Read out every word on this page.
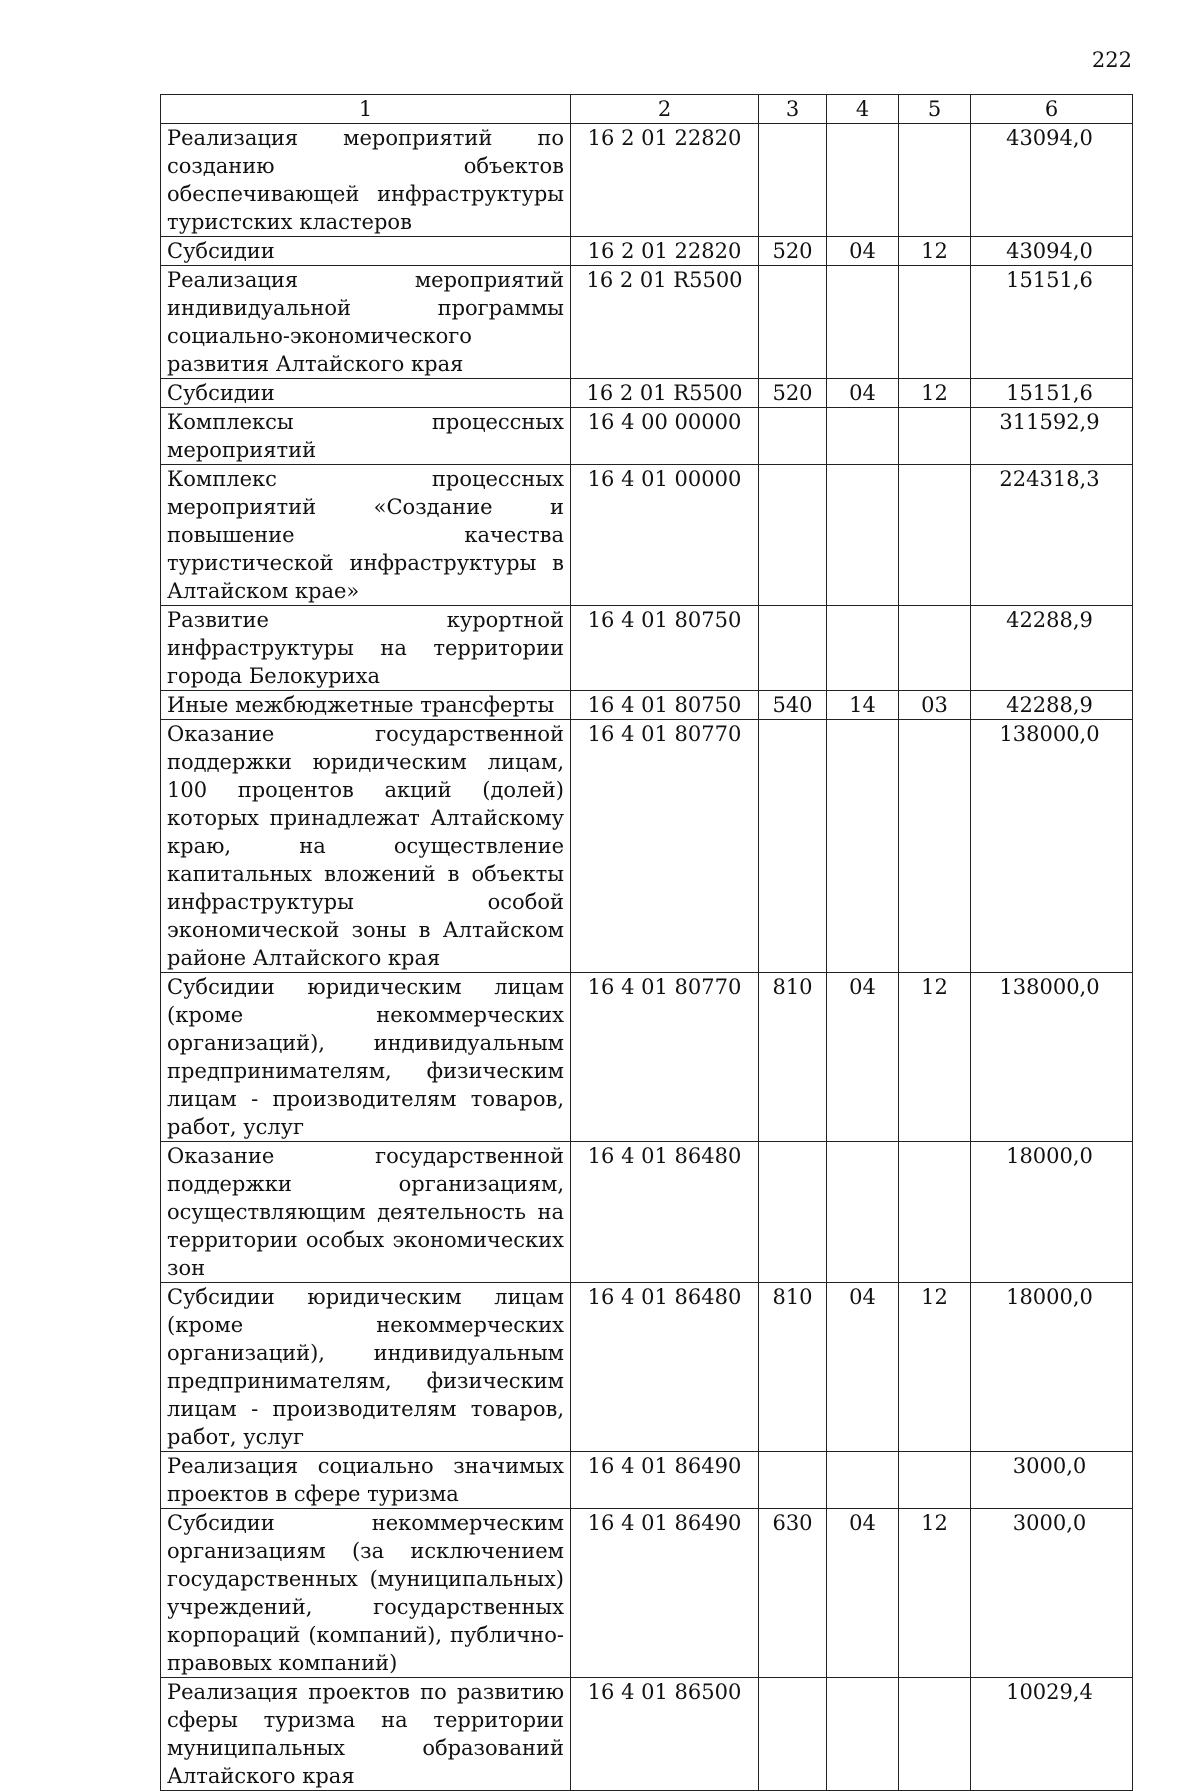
222
1	2	3	4	5	6
Реализация мероприятий по созданию объектов обеспечивающей инфраструктуры туристских кластеров	16 2 01 22820				43094,0
Субсидии	16 2 01 22820	520	04	12	43094,0
Реализация мероприятий индивидуальной программы социально-экономического развития Алтайского края	16 2 01 R5500				15151,6
Субсидии	16 2 01 R5500	520	04	12	15151,6
Комплексы процессных мероприятий	16 4 00 00000				311592,9
Комплекс процессных мероприятий «Создание и повышение качества туристической инфраструктуры в Алтайском крае»	16 4 01 00000				224318,3
Развитие курортной инфраструктуры на территории города Белокуриха	16 4 01 80750				42288,9
Иные межбюджетные трансферты	16 4 01 80750	540	14	03	42288,9
Оказание государственной поддержки юридическим лицам, 100 процентов акций (долей) которых принадлежат Алтайскому краю, на осуществление капитальных вложений в объекты инфраструктуры особой экономической зоны в Алтайском районе Алтайского края	16 4 01 80770				138000,0
Субсидии юридическим лицам (кроме некоммерческих организаций), индивидуальным предпринимателям, физическим лицам - производителям товаров, работ, услуг	16 4 01 80770	810	04	12	138000,0
Оказание государственной поддержки организациям, осуществляющим деятельность на территории особых экономических зон	16 4 01 86480				18000,0
Субсидии юридическим лицам (кроме некоммерческих организаций), индивидуальным предпринимателям, физическим лицам - производителям товаров, работ, услуг	16 4 01 86480	810	04	12	18000,0
Реализация социально значимых проектов в сфере туризма	16 4 01 86490				3000,0
Субсидии некоммерческим организациям (за исключением государственных (муниципальных) учреждений, государственных корпораций (компаний), публично-правовых компаний)	16 4 01 86490	630	04	12	3000,0
Реализация проектов по развитию сферы туризма на территории муниципальных образований Алтайского края	16 4 01 86500				10029,4
